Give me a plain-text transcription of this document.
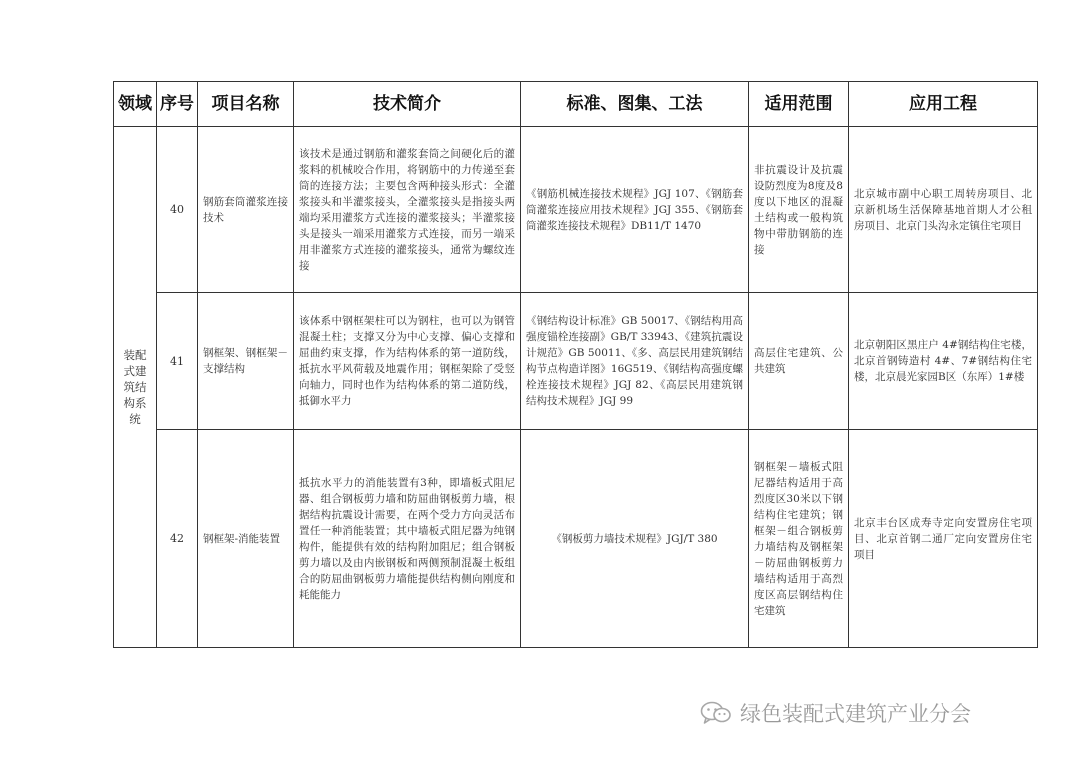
领域	序号	项目名称	技术简介	标准、图集、工法	适用范围	应用工程

装配式建筑结构系统	40	钢筋套筒灌浆连接技术	该技术是通过钢筋和灌浆套筒之间硬化后的灌浆料的机械咬合作用，将钢筋中的力传递至套筒的连接方法；主要包含两种接头形式：全灌浆接头和半灌浆接头，全灌浆接头是指接头两端均采用灌浆方式连接的灌浆接头；半灌浆接头是接头一端采用灌浆方式连接，而另一端采用非灌浆方式连接的灌浆接头，通常为螺纹连接	《钢筋机械连接技术规程》JGJ 107、《钢筋套筒灌浆连接应用技术规程》JGJ 355、《钢筋套筒灌浆连接技术规程》DB11/T 1470	非抗震设计及抗震设防烈度为8度及8度以下地区的混凝土结构或一般构筑物中带肋钢筋的连接	北京城市副中心职工周转房项目、北京新机场生活保障基地首期人才公租房项目、北京门头沟永定镇住宅项目

	41	钢框架、钢框架－支撑结构	该体系中钢框架柱可以为钢柱，也可以为钢管混凝土柱；支撑又分为中心支撑、偏心支撑和屈曲约束支撑，作为结构体系的第一道防线，抵抗水平风荷载及地震作用；钢框架除了受竖向轴力，同时也作为结构体系的第二道防线，抵御水平力	《钢结构设计标准》GB 50017、《钢结构用高强度锚栓连接副》GB/T 33943、《建筑抗震设计规范》GB 50011、《多、高层民用建筑钢结构节点构造详图》16G519、《钢结构高强度螺栓连接技术规程》JGJ 82、《高层民用建筑钢结构技术规程》JGJ 99	高层住宅建筑、公共建筑	北京朝阳区黑庄户 4#钢结构住宅楼，北京首钢铸造村 4#、7#钢结构住宅楼，北京晨光家园B区（东厍）1#楼

	42	钢框架-消能装置	抵抗水平力的消能装置有3种，即墙板式阻尼器、组合钢板剪力墙和防屈曲钢板剪力墙，根据结构抗震设计需要，在两个受力方向灵活布置任一种消能装置；其中墙板式阻尼器为纯钢构件，能提供有效的结构附加阻尼；组合钢板剪力墙以及由内嵌钢板和两侧预制混凝土板组合的防屈曲钢板剪力墙能提供结构侧向刚度和耗能能力	《钢板剪力墙技术规程》JGJ/T 380	钢框架－墙板式阻尼器结构适用于高烈度区30米以下钢结构住宅建筑；钢框架－组合钢板剪力墙结构及钢框架－防屈曲钢板剪力墙结构适用于高烈度区高层钢结构住宅建筑	北京丰台区成寿寺定向安置房住宅项目、北京首钢二通厂定向安置房住宅项目
绿色装配式建筑产业分会
